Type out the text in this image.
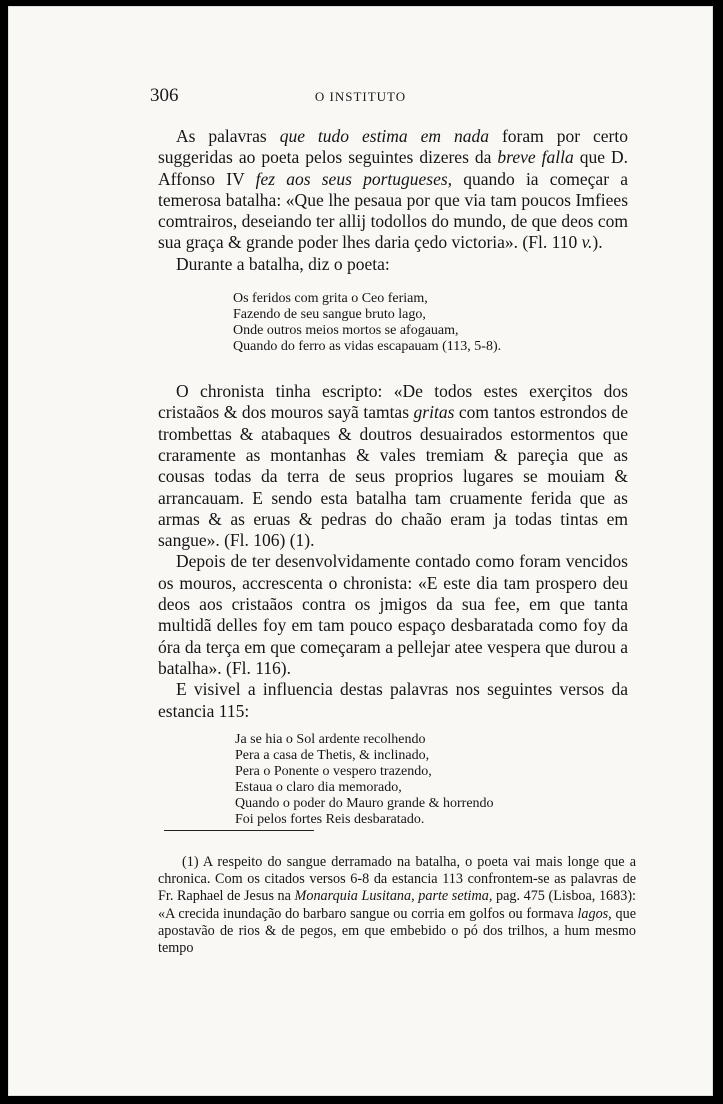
306	O INSTITUTO

As palavras que tudo estima em nada foram por certo suggeridas ao poeta pelos seguintes dizeres da breve falla que D. Affonso IV fez aos seus portugueses, quando ia começar a temerosa batalha: «Que lhe pesaua por que via tam poucos Imfiees comtrairos, deseiando ter allij todollos do mundo, de que deos com sua graça & grande poder lhes daria çedo victoria». (Fl. 110 v.).

Durante a batalha, diz o poeta:

Os feridos com grita o Ceo feriam,
Fazendo de seu sangue bruto lago,
Onde outros meios mortos se afogauam,
Quando do ferro as vidas escapauam (113, 5-8).

O chronista tinha escripto: «De todos estes exerçitos dos cristaãos & dos mouros sayã tamtas gritas com tantos estrondos de trombettas & atabaques & doutros desuairados estormentos que craramente as montanhas & vales tremiam & pareçia que as cousas todas da terra de seus proprios lugares se mouiam & arrancauam. E sendo esta batalha tam cruamente ferida que as armas & as eruas & pedras do chaão eram ja todas tintas em sangue». (Fl. 106) (1).

Depois de ter desenvolvidamente contado como foram vencidos os mouros, accrescenta o chronista: «E este dia tam prospero deu deos aos cristaãos contra os jmigos da sua fee, em que tanta multidã delles foy em tam pouco espaço desbaratada como foy da óra da terça em que começaram a pellejar atee vespera que durou a batalha». (Fl. 116).

E visivel a influencia destas palavras nos seguintes versos da estancia 115:

Ja se hia o Sol ardente recolhendo
Pera a casa de Thetis, & inclinado,
Pera o Ponente o vespero trazendo,
Estaua o claro dia memorado,
Quando o poder do Mauro grande & horrendo
Foi pelos fortes Reis desbaratado.

(1) A respeito do sangue derramado na batalha, o poeta vai mais longe que a chronica. Com os citados versos 6-8 da estancia 113 confrontem-se as palavras de Fr. Raphael de Jesus na Monarquia Lusitana, parte setima, pag. 475 (Lisboa, 1683): «A crecida inundação do barbaro sangue ou corria em golfos ou formava lagos, que apostavão de rios & de pegos, em que embebido o pó dos trilhos, a hum mesmo tempo
